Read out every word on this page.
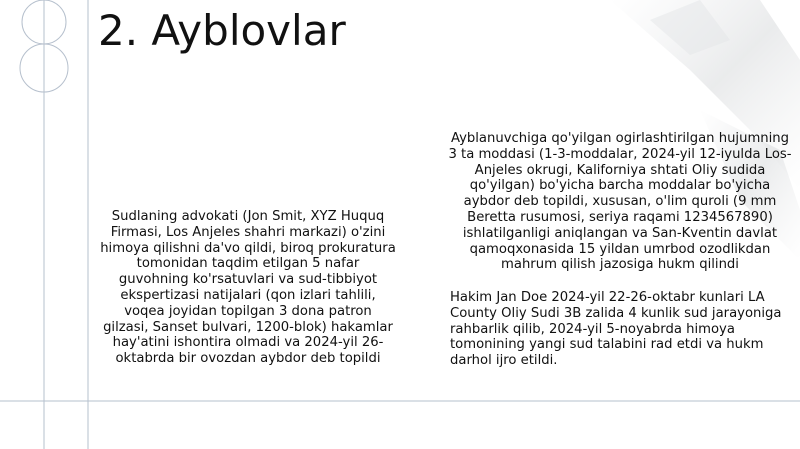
2. Ayblovlar

Sudlaning advokati (Jon Smit, XYZ Huquq Firmasi, Los Anjeles shahri markazi) o'zini himoya qilishni da'vo qildi, biroq prokuratura tomonidan taqdim etilgan 5 nafar guvohning ko'rsatuvlari va sud-tibbiyot ekspertizasi natijalari (qon izlari tahlili, voqea joyidan topilgan 3 dona patron gilzasi, Sanset bulvari, 1200-blok) hakamlar hay'atini ishontira olmadi va 2024-yil 26-oktabrda bir ovozdan aybdor deb topildi

Ayblanuvchiga qo'yilgan ogirlashtirilgan hujumning 3 ta moddasi (1-3-moddalar, 2024-yil 12-iyulda Los-Anjeles okrugi, Kaliforniya shtati Oliy sudida qo'yilgan) bo'yicha barcha moddalar bo'yicha aybdor deb topildi, xususan, o'lim quroli (9 mm Beretta rusumosi, seriya raqami 1234567890) ishlatilganligi aniqlangan va San-Kventin davlat qamoqxonasida 15 yildan umrbod ozodlikdan mahrum qilish jazosiga hukm qilindi

Hakim Jan Doe 2024-yil 22-26-oktabr kunlari LA County Oliy Sudi 3B zalida 4 kunlik sud jarayoniga rahbarlik qilib, 2024-yil 5-noyabrda himoya tomonining yangi sud talabini rad etdi va hukm darhol ijro etildi.
